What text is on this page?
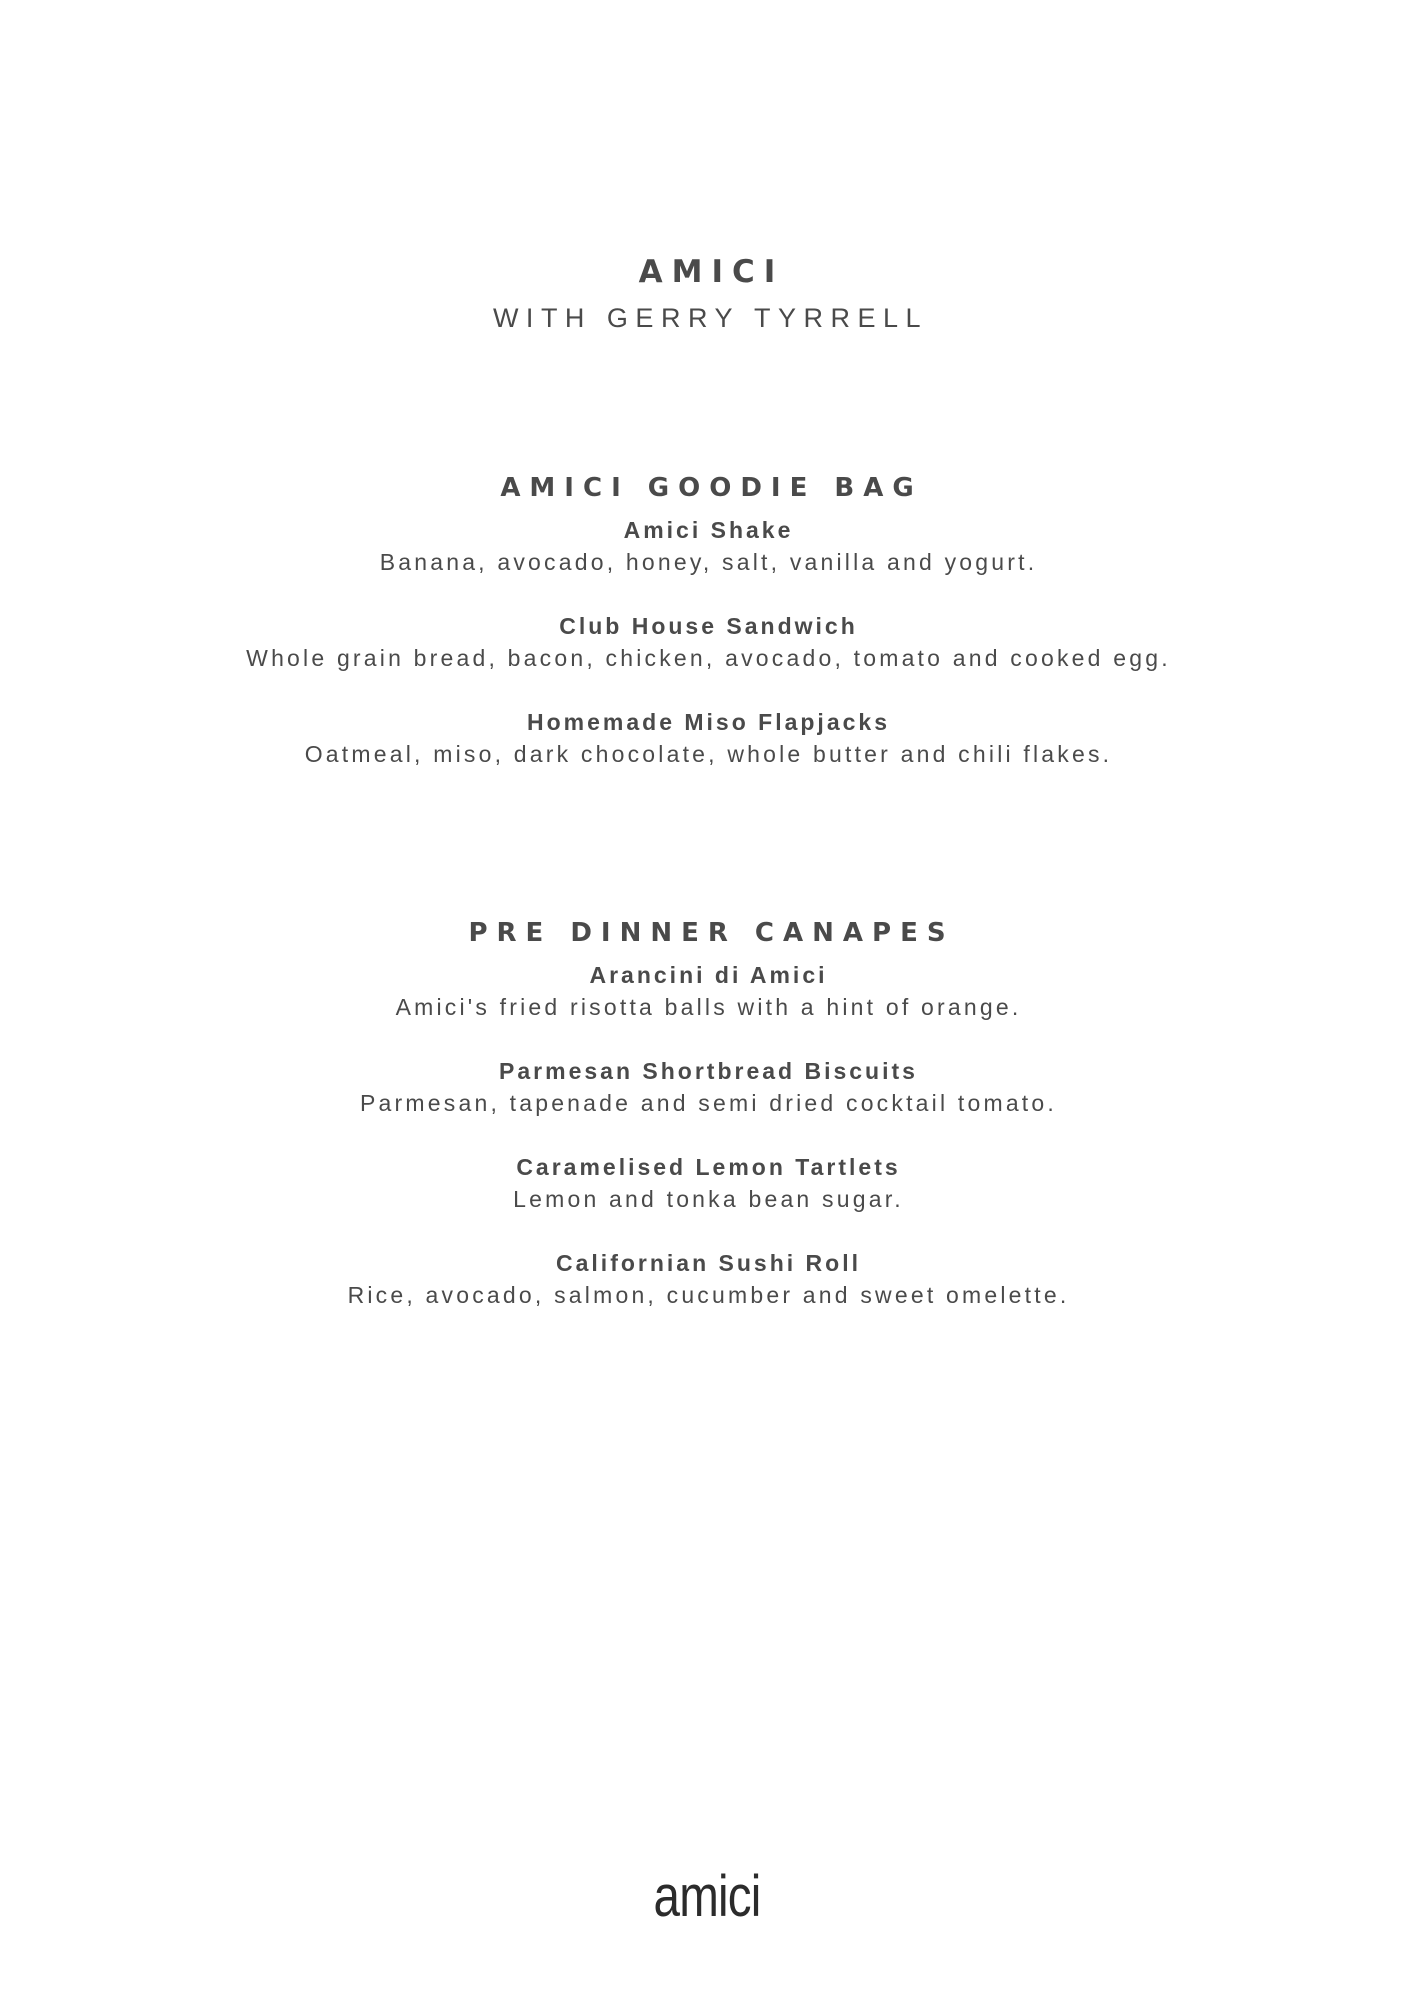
AMICI
WITH GERRY TYRRELL
AMICI GOODIE BAG
Amici Shake
Banana, avocado, honey, salt, vanilla and yogurt.
Club House Sandwich
Whole grain bread, bacon, chicken, avocado, tomato and cooked egg.
Homemade Miso Flapjacks
Oatmeal, miso, dark chocolate, whole butter and chili flakes.
PRE DINNER CANAPES
Arancini di Amici
Amici's fried risotta balls with a hint of orange.
Parmesan Shortbread Biscuits
Parmesan, tapenade and semi dried cocktail tomato.
Caramelised Lemon Tartlets
Lemon and tonka bean sugar.
Californian Sushi Roll
Rice, avocado, salmon, cucumber and sweet omelette.
amici
